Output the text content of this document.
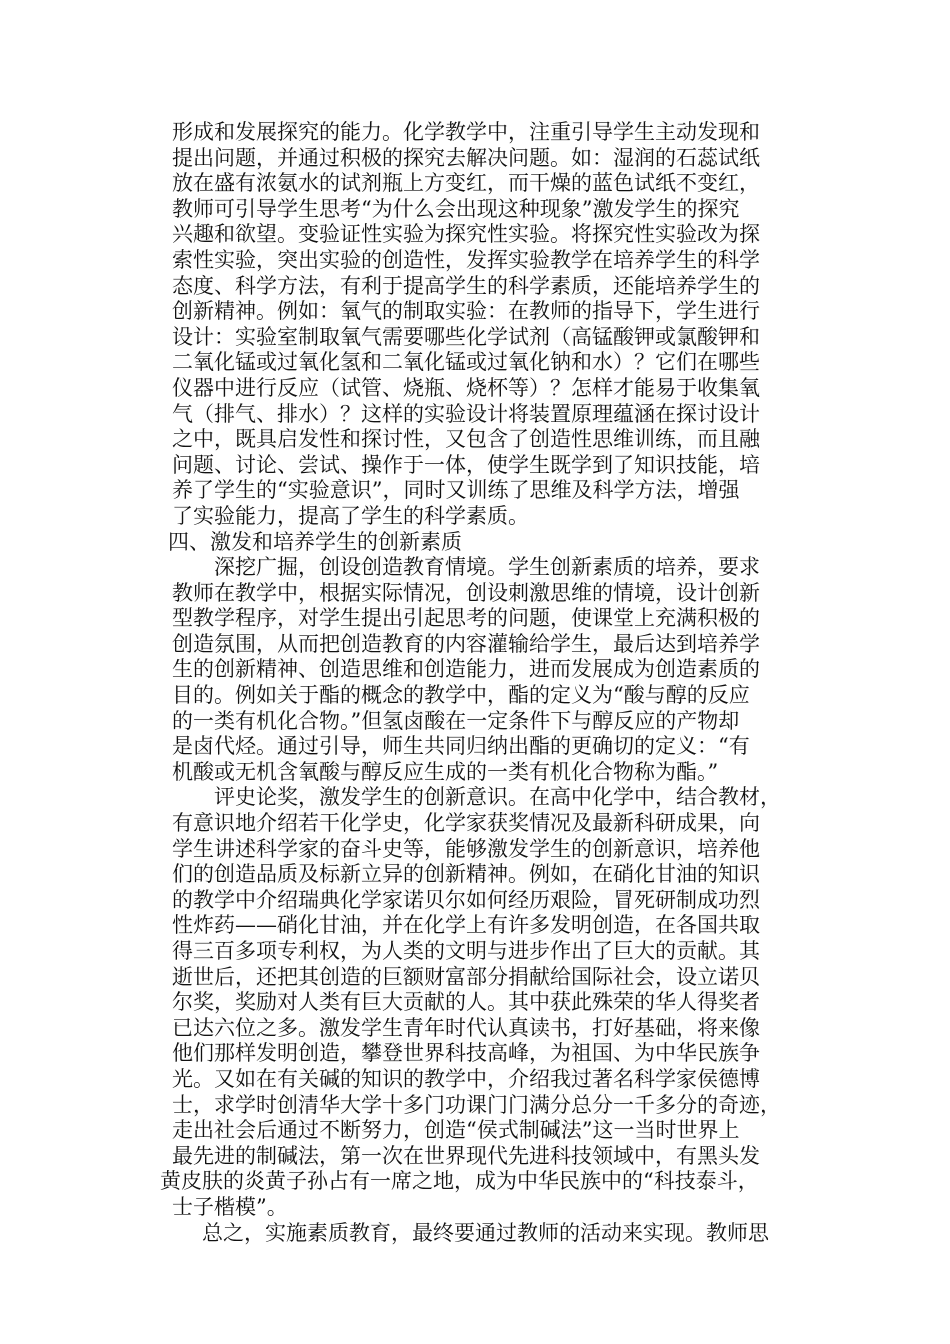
形成和发展探究的能力。化学教学中，注重引导学生主动发现和
提出问题，并通过积极的探究去解决问题。如：湿润的石蕊试纸
放在盛有浓氨水的试剂瓶上方变红，而干燥的蓝色试纸不变红，
教师可引导学生思考“为什么会出现这种现象”激发学生的探究
兴趣和欲望。变验证性实验为探究性实验。将探究性实验改为探
索性实验，突出实验的创造性，发挥实验教学在培养学生的科学
态度、科学方法，有利于提高学生的科学素质，还能培养学生的
创新精神。例如：氧气的制取实验：在教师的指导下，学生进行
设计：实验室制取氧气需要哪些化学试剂（高锰酸钾或氯酸钾和
二氧化锰或过氧化氢和二氧化锰或过氧化钠和水）？它们在哪些
仪器中进行反应（试管、烧瓶、烧杯等）？怎样才能易于收集氧
气（排气、排水）？这样的实验设计将装置原理蕴涵在探讨设计
之中，既具启发性和探讨性，又包含了创造性思维训练，而且融
问题、讨论、尝试、操作于一体，使学生既学到了知识技能，培
养了学生的“实验意识”，同时又训练了思维及科学方法，增强
了实验能力，提高了学生的科学素质。
四、激发和培养学生的创新素质
深挖广掘，创设创造教育情境。学生创新素质的培养，要求
教师在教学中，根据实际情况，创设刺激思维的情境，设计创新
型教学程序，对学生提出引起思考的问题，使课堂上充满积极的
创造氛围，从而把创造教育的内容灌输给学生，最后达到培养学
生的创新精神、创造思维和创造能力，进而发展成为创造素质的
目的。例如关于酯的概念的教学中，酯的定义为“酸与醇的反应
的一类有机化合物。”但氢卤酸在一定条件下与醇反应的产物却
是卤代烃。通过引导，师生共同归纳出酯的更确切的定义：“有
机酸或无机含氧酸与醇反应生成的一类有机化合物称为酯。”
评史论奖，激发学生的创新意识。在高中化学中，结合教材，
有意识地介绍若干化学史，化学家获奖情况及最新科研成果，向
学生讲述科学家的奋斗史等，能够激发学生的创新意识，培养他
们的创造品质及标新立异的创新精神。例如，在硝化甘油的知识
的教学中介绍瑞典化学家诺贝尔如何经历艰险，冒死研制成功烈
性炸药——硝化甘油，并在化学上有许多发明创造，在各国共取
得三百多项专利权，为人类的文明与进步作出了巨大的贡献。其
逝世后，还把其创造的巨额财富部分捐献给国际社会，设立诺贝
尔奖，奖励对人类有巨大贡献的人。其中获此殊荣的华人得奖者
已达六位之多。激发学生青年时代认真读书，打好基础，将来像
他们那样发明创造，攀登世界科技高峰，为祖国、为中华民族争
光。又如在有关碱的知识的教学中，介绍我过著名科学家侯德博
士，求学时创清华大学十多门功课门门满分总分一千多分的奇迹，
走出社会后通过不断努力，创造“侯式制碱法”这一当时世界上
最先进的制碱法，第一次在世界现代先进科技领域中，有黑头发
黄皮肤的炎黄子孙占有一席之地，成为中华民族中的“科技泰斗，
士子楷模”。
总之，实施素质教育，最终要通过教师的活动来实现。教师思
